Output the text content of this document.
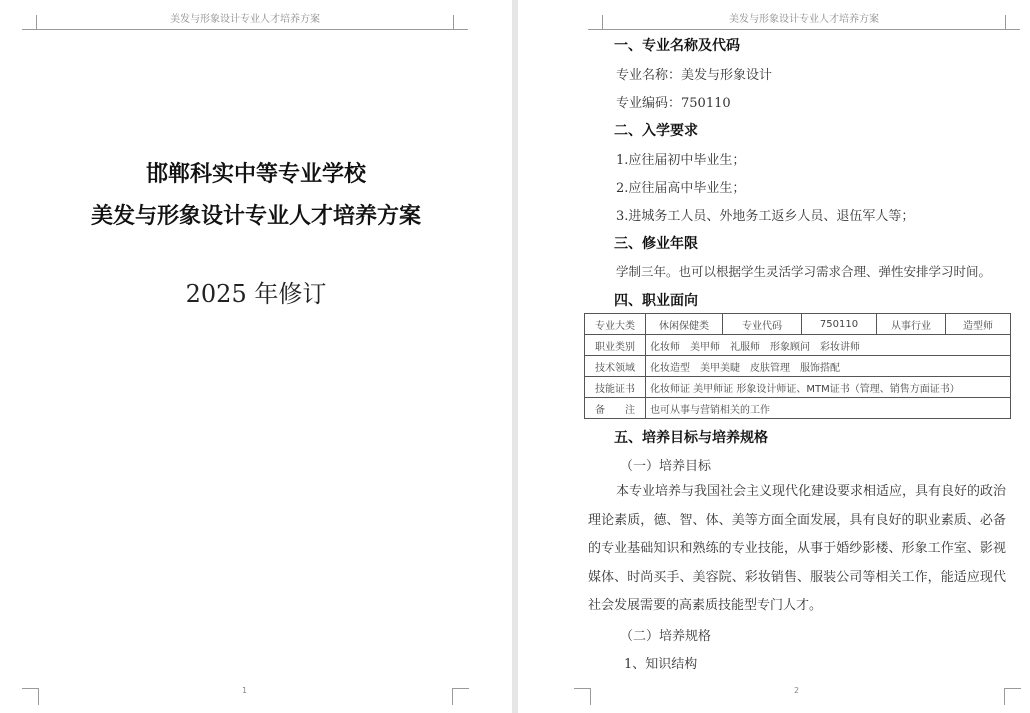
美发与形象设计专业人才培养方案
邯郸科实中等专业学校
美发与形象设计专业人才培养方案
2025 年修订
1
美发与形象设计专业人才培养方案
一、专业名称及代码
专业名称：美发与形象设计
专业编码：750110
二、入学要求
1.应往届初中毕业生；
2.应往届高中毕业生；
3.进城务工人员、外地务工返乡人员、退伍军人等；
三、修业年限
学制三年。也可以根据学生灵活学习需求合理、弹性安排学习时间。
四、职业面向
专业大类	休闲保健类	专业代码	750110	从事行业	造型师
职业类别	化妆师　美甲师　礼服师　形象顾问　彩妆讲师				
技术领域	化妆造型　美甲美睫　皮肤管理　服饰搭配				
技能证书	化妆师证 美甲师证 形象设计师证、MTM证书（管理、销售方面证书）				
备　　注	也可从事与营销相关的工作				
五、培养目标与培养规格
（一）培养目标
本专业培养与我国社会主义现代化建设要求相适应，具有良好的政治理论素质，德、智、体、美等方面全面发展，具有良好的职业素质、必备的专业基础知识和熟练的专业技能，从事于婚纱影楼、形象工作室、影视媒体、时尚买手、美容院、彩妆销售、服装公司等相关工作，能适应现代社会发展需要的高素质技能型专门人才。
（二）培养规格
1、知识结构
2
